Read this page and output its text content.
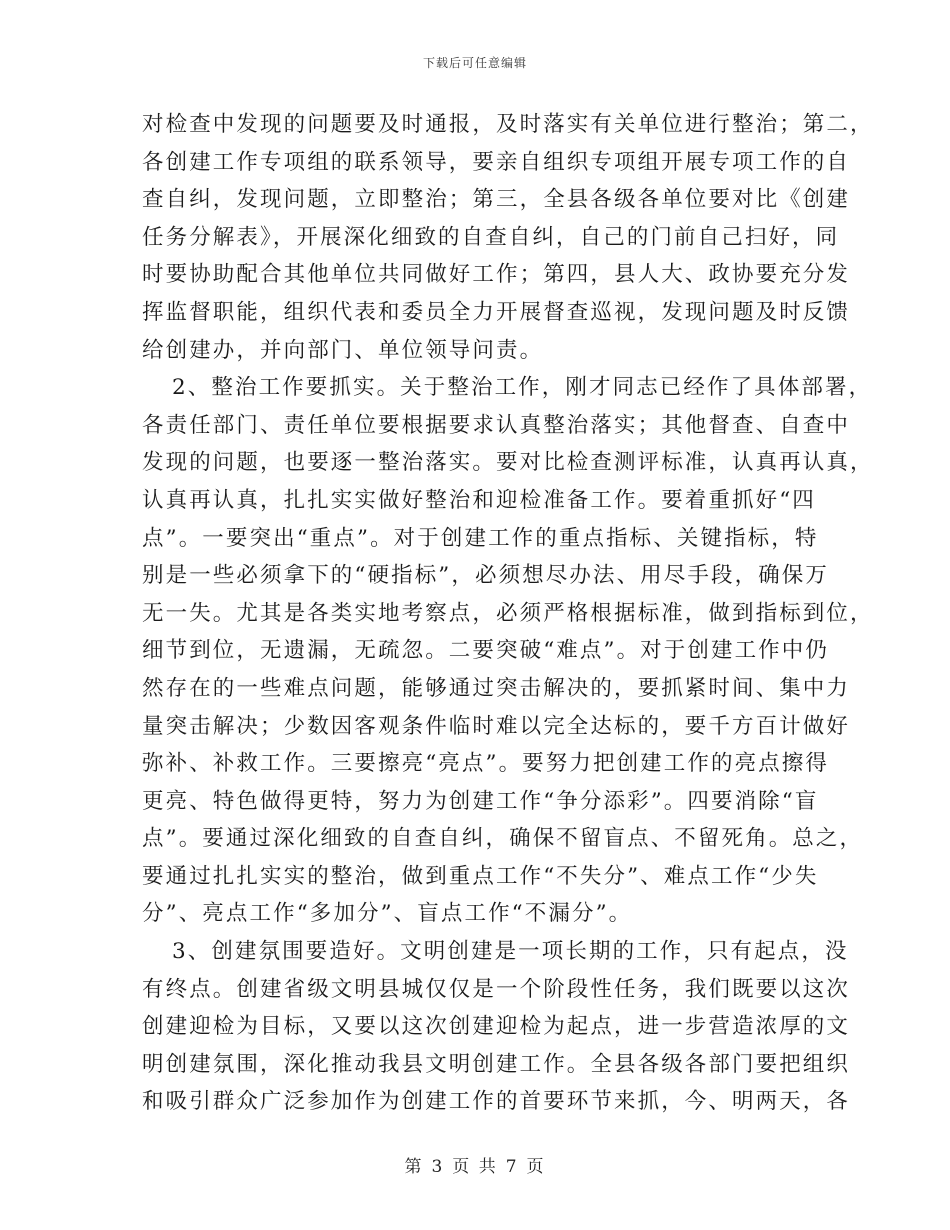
下载后可任意编辑
对检查中发现的问题要及时通报，及时落实有关单位进行整治；第二，
各创建工作专项组的联系领导，要亲自组织专项组开展专项工作的自
查自纠，发现问题，立即整治；第三，全县各级各单位要对比《创建
任务分解表》，开展深化细致的自查自纠，自己的门前自己扫好，同
时要协助配合其他单位共同做好工作；第四，县人大、政协要充分发
挥监督职能，组织代表和委员全力开展督查巡视，发现问题及时反馈
给创建办，并向部门、单位领导问责。
2、整治工作要抓实。关于整治工作，刚才同志已经作了具体部署，
各责任部门、责任单位要根据要求认真整治落实；其他督查、自查中
发现的问题，也要逐一整治落实。要对比检查测评标准，认真再认真，
认真再认真，扎扎实实做好整治和迎检准备工作。要着重抓好“四
点”。一要突出“重点”。对于创建工作的重点指标、关键指标，特
别是一些必须拿下的“硬指标”，必须想尽办法、用尽手段，确保万
无一失。尤其是各类实地考察点，必须严格根据标准，做到指标到位，
细节到位，无遗漏，无疏忽。二要突破“难点”。对于创建工作中仍
然存在的一些难点问题，能够通过突击解决的，要抓紧时间、集中力
量突击解决；少数因客观条件临时难以完全达标的，要千方百计做好
弥补、补救工作。三要擦亮“亮点”。要努力把创建工作的亮点擦得
更亮、特色做得更特，努力为创建工作“争分添彩”。四要消除“盲
点”。要通过深化细致的自查自纠，确保不留盲点、不留死角。总之，
要通过扎扎实实的整治，做到重点工作“不失分”、难点工作“少失
分”、亮点工作“多加分”、盲点工作“不漏分”。
3、创建氛围要造好。文明创建是一项长期的工作，只有起点，没
有终点。创建省级文明县城仅仅是一个阶段性任务，我们既要以这次
创建迎检为目标，又要以这次创建迎检为起点，进一步营造浓厚的文
明创建氛围，深化推动我县文明创建工作。全县各级各部门要把组织
和吸引群众广泛参加作为创建工作的首要环节来抓，今、明两天，各
第 3 页 共 7 页
